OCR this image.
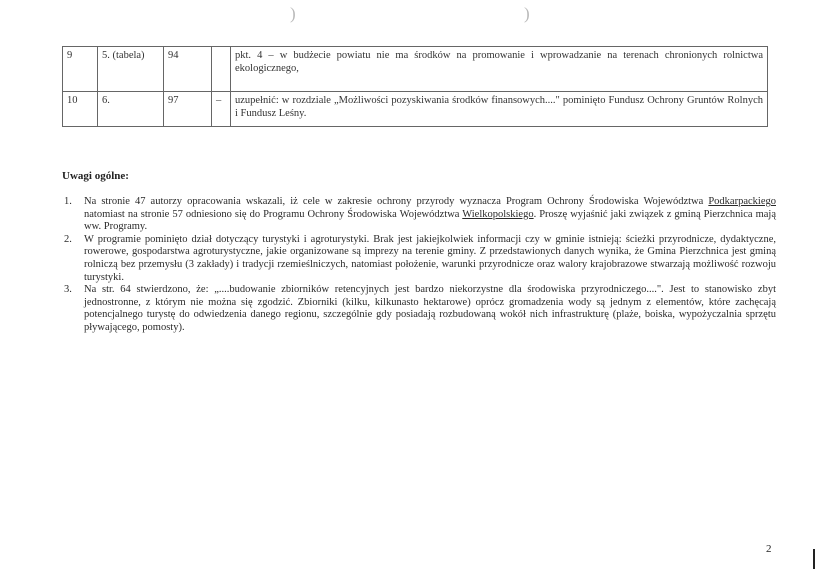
)	)
9	5. (tabela)	94		pkt. 4 – w budżecie powiatu nie ma środków na promowanie i wprowadzanie na terenach chronionych rolnictwa ekologicznego,
10	6.	97	–	uzupełnić: w rozdziale „Możliwości pozyskiwania środków finansowych...." pominięto Fundusz Ochrony Gruntów Rolnych i Fundusz Leśny.
Uwagi ogólne:
1. Na stronie 47 autorzy opracowania wskazali, iż cele w zakresie ochrony przyrody wyznacza Program Ochrony Środowiska Województwa Podkarpackiego natomiast na stronie 57 odniesiono się do Programu Ochrony Środowiska Województwa Wielkopolskiego. Proszę wyjaśnić jaki związek z gminą Pierzchnica mają ww. Programy.
2. W programie pominięto dział dotyczący turystyki i agroturystyki. Brak jest jakiejkolwiek informacji czy w gminie istnieją: ścieżki przyrodnicze, dydaktyczne, rowerowe, gospodarstwa agroturystyczne, jakie organizowane są imprezy na terenie gminy. Z przedstawionych danych wynika, że Gmina Pierzchnica jest gminą rolniczą bez przemysłu (3 zakłady) i tradycji rzemieślniczych, natomiast położenie, warunki przyrodnicze oraz walory krajobrazowe stwarzają możliwość rozwoju turystyki.
3. Na str. 64 stwierdzono, że: „....budowanie zbiorników retencyjnych jest bardzo niekorzystne dla środowiska przyrodniczego....". Jest to stanowisko zbyt jednostronne, z którym nie można się zgodzić. Zbiorniki (kilku, kilkunasto hektarowe) oprócz gromadzenia wody są jednym z elementów, które zachęcają potencjalnego turystę do odwiedzenia danego regionu, szczególnie gdy posiadają rozbudowaną wokół nich infrastrukturę (plaże, boiska, wypożyczalnia sprzętu pływającego, pomosty).
2
